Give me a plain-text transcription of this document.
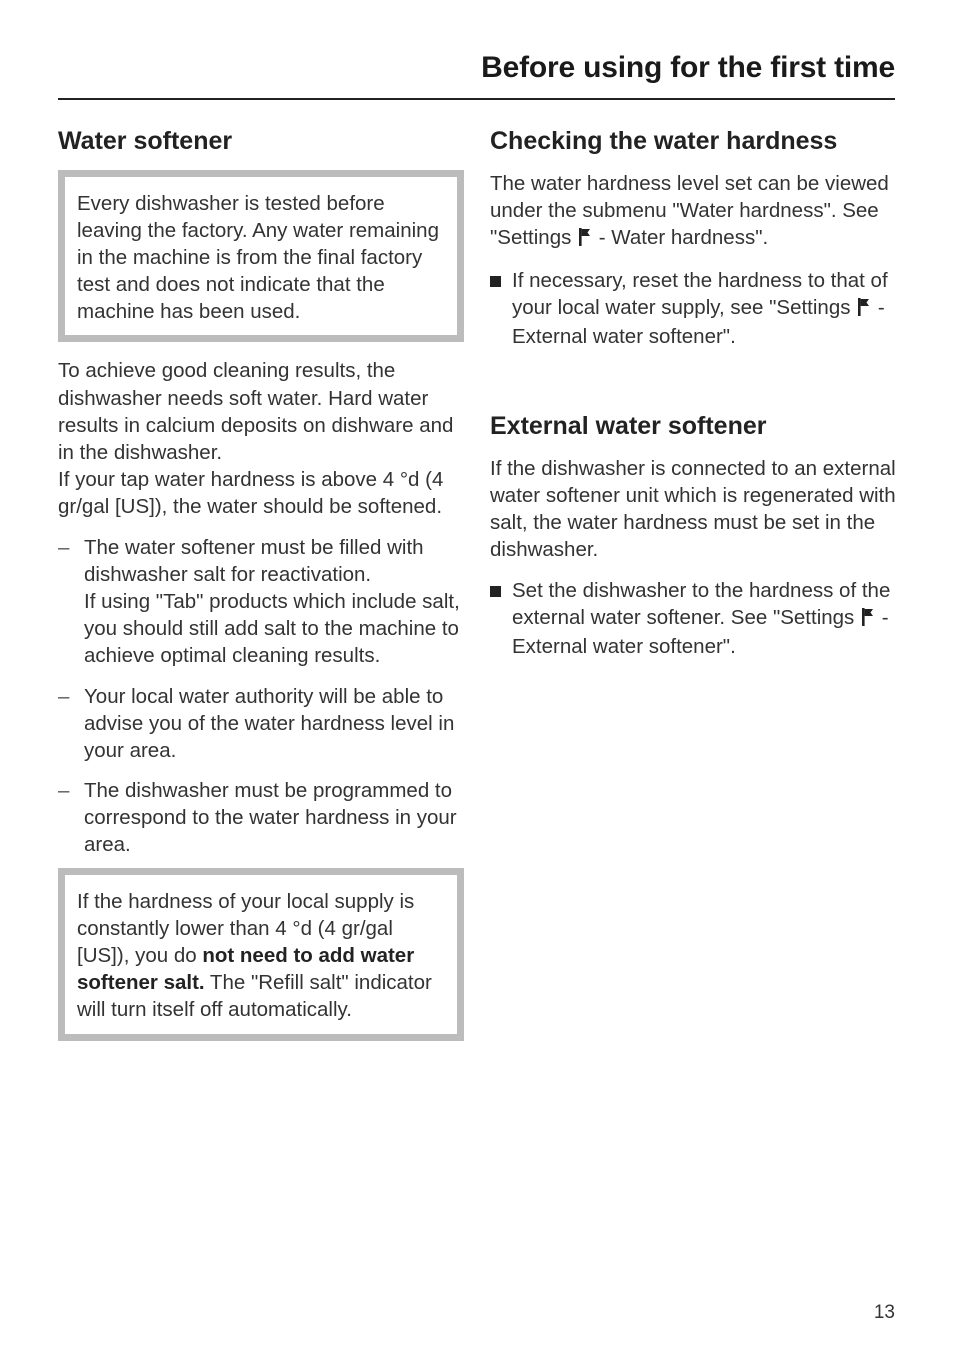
Before using for the first time
Water softener

Every dishwasher is tested before leaving the factory. Any water remaining in the machine is from the final factory test and does not indicate that the machine has been used.

To achieve good cleaning results, the dishwasher needs soft water. Hard water results in calcium deposits on dishware and in the dishwasher.

If your tap water hardness is above 4 °d (4 gr/gal [US]), the water should be softened.

– The water softener must be filled with dishwasher salt for reactivation.

If using "Tab" products which include salt, you should still add salt to the machine to achieve optimal cleaning results.

– Your local water authority will be able to advise you of the water hardness level in your area.

– The dishwasher must be programmed to correspond to the water hardness in your area.

If the hardness of your local supply is constantly lower than 4 °d (4 gr/gal [US]), you do not need to add water softener salt. The "Refill salt" indicator will turn itself off automatically.

Checking the water hardness

The water hardness level set can be viewed under the submenu "Water hardness". See "Settings  - Water hardness".

If necessary, reset the hardness to that of your local water supply, see "Settings  - External water softener".

External water softener

If the dishwasher is connected to an external water softener unit which is regenerated with salt, the water hardness must be set in the dishwasher.

Set the dishwasher to the hardness of the external water softener. See "Settings  - External water softener".

13
